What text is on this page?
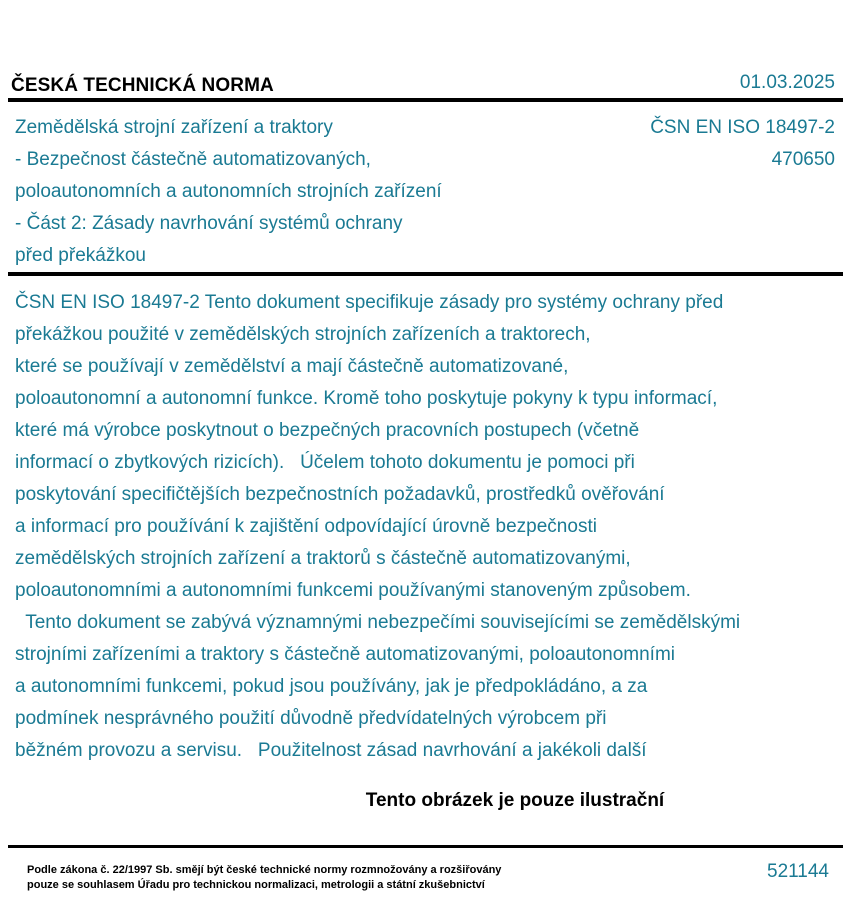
ČESKÁ TECHNICKÁ NORMA	01.03.2025
Zemědělská strojní zařízení a traktory
- Bezpečnost částečně automatizovaných,
poloautonomních a autonomních strojních zařízení
- Část 2: Zásady navrhování systémů ochrany
před překážkou
ČSN EN ISO 18497-2
470650
ČSN EN ISO 18497-2 Tento dokument specifikuje zásady pro systémy ochrany před
překážkou použité v zemědělských strojních zařízeních a traktorech,
které se používají v zemědělství a mají částečně automatizované,
poloautonomní a autonomní funkce. Kromě toho poskytuje pokyny k typu informací,
které má výrobce poskytnout o bezpečných pracovních postupech (včetně
informací o zbytkových rizicích).   Účelem tohoto dokumentu je pomoci při
poskytování specifičtějších bezpečnostních požadavků, prostředků ověřování
a informací pro používání k zajištění odpovídající úrovně bezpečnosti
zemědělských strojních zařízení a traktorů s částečně automatizovanými,
poloautonomními a autonomními funkcemi používanými stanoveným způsobem.
Tento dokument se zabývá významnými nebezpečími souvisejícími se zemědělskými
strojními zařízeními a traktory s částečně automatizovanými, poloautonomními
a autonomními funkcemi, pokud jsou používány, jak je předpokládáno, a za
podmínek nesprávného použití důvodně předvídatelných výrobcem při
běžném provozu a servisu.   Použitelnost zásad navrhování a jakékoli další
Tento obrázek je pouze ilustrační
Podle zákona č. 22/1997 Sb. smějí být české technické normy rozmnožovány a rozšiřovány
pouze se souhlasem Úřadu pro technickou normalizaci, metrologii a státní zkušebnictví
521144
